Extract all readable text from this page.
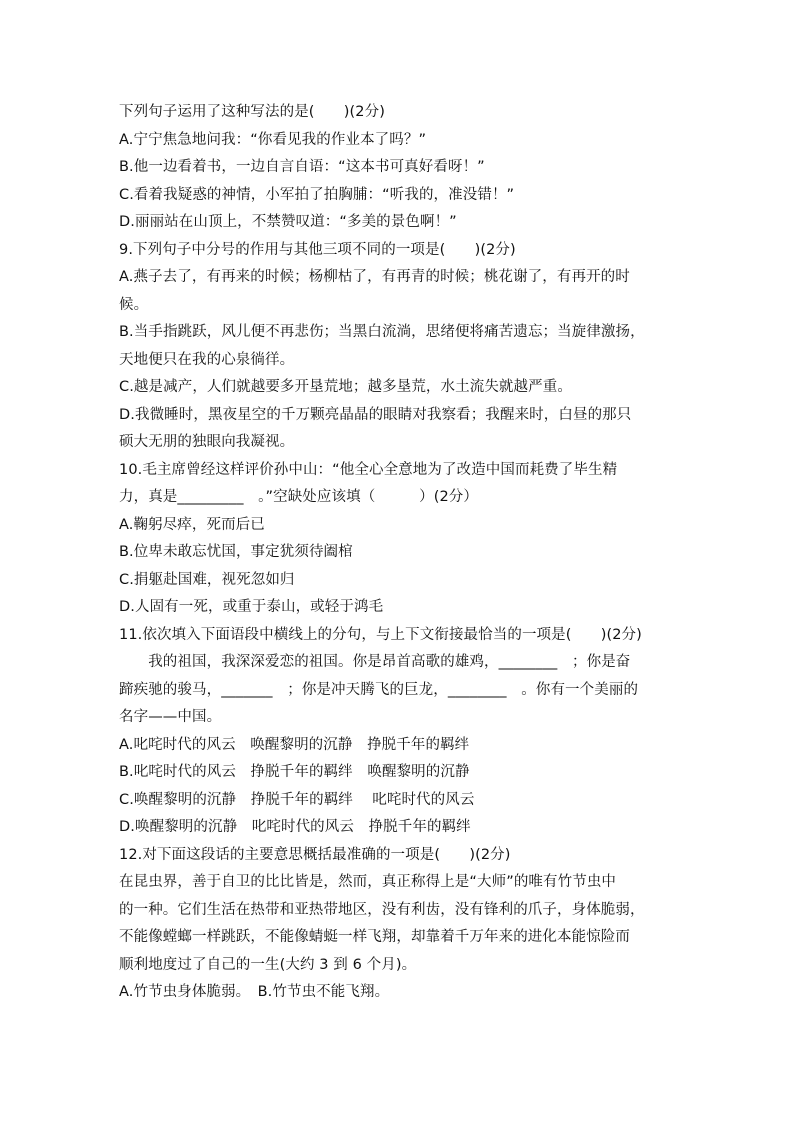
下列句子运用了这种写法的是(　　)(2分)
A.宁宁焦急地问我：“你看见我的作业本了吗？”
B.他一边看着书，一边自言自语：“这本书可真好看呀！”
C.看着我疑惑的神情，小军拍了拍胸脯：“听我的，准没错！”
D.丽丽站在山顶上，不禁赞叹道：“多美的景色啊！”
9.下列句子中分号的作用与其他三项不同的一项是(　　)(2分)
A.燕子去了，有再来的时候；杨柳枯了，有再青的时候；桃花谢了，有再开的时
候。
B.当手指跳跃，风儿便不再悲伤；当黑白流淌，思绪便将痛苦遗忘；当旋律激扬，
天地便只在我的心泉徜徉。
C.越是减产，人们就越要多开垦荒地；越多垦荒，水土流失就越严重。
D.我微睡时，黑夜星空的千万颗亮晶晶的眼睛对我察看；我醒来时，白昼的那只
硕大无朋的独眼向我凝视。
10.毛主席曾经这样评价孙中山：“他全心全意地为了改造中国而耗费了毕生精
力，真是_________　。”空缺处应该填（　　　）(2分）
A.鞠躬尽瘁，死而后已
B.位卑未敢忘忧国，事定犹须待阖棺
C.捐躯赴国难，视死忽如归
D.人固有一死，或重于泰山，或轻于鸿毛
11.依次填入下面语段中横线上的分句，与上下文衔接最恰当的一项是(　　)(2分)
　　我的祖国，我深深爱恋的祖国。你是昂首高歌的雄鸡，________　；你是奋
蹄疾驰的骏马，_______　；你是冲天腾飞的巨龙，________　。你有一个美丽的
名字——中国。
A.叱咤时代的风云　唤醒黎明的沉静　挣脱千年的羁绊
B.叱咤时代的风云　挣脱千年的羁绊　唤醒黎明的沉静
C.唤醒黎明的沉静　挣脱千年的羁绊　 叱咤时代的风云
D.唤醒黎明的沉静　叱咤时代的风云　挣脱千年的羁绊
12.对下面这段话的主要意思概括最准确的一项是(　　)(2分)
在昆虫界，善于自卫的比比皆是，然而，真正称得上是“大师”的唯有竹节虫中
的一种。它们生活在热带和亚热带地区，没有利齿，没有锋利的爪子，身体脆弱，
不能像螳螂一样跳跃，不能像蜻蜓一样飞翔，却靠着千万年来的进化本能惊险而
顺利地度过了自己的一生(大约 3 到 6 个月)。
A.竹节虫身体脆弱。　B.竹节虫不能飞翔。
